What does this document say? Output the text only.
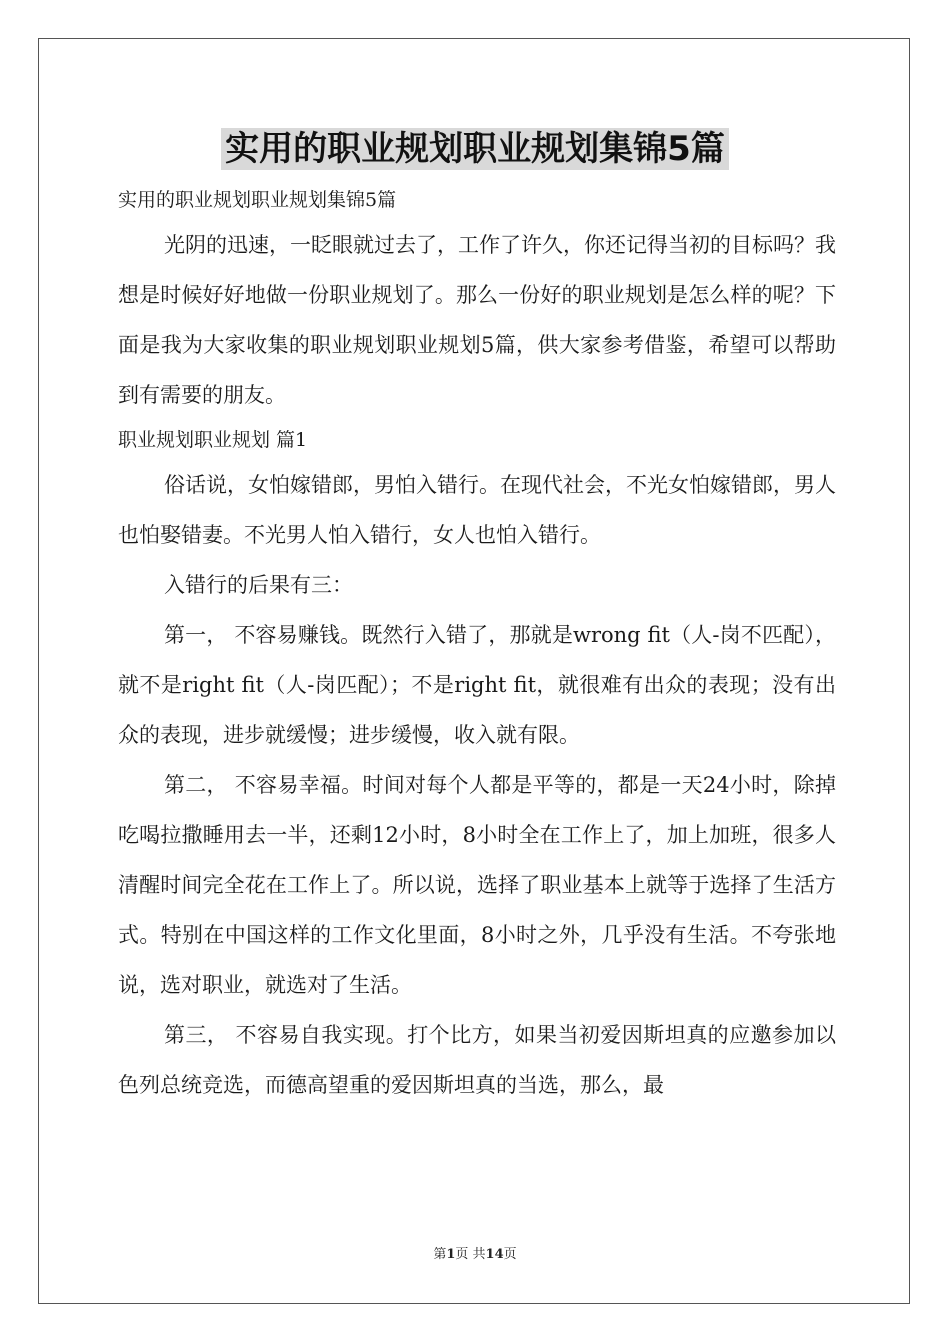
实用的职业规划职业规划集锦5篇

实用的职业规划职业规划集锦5篇

光阴的迅速，一眨眼就过去了，工作了许久，你还记得当初的目标吗？我想是时候好好地做一份职业规划了。那么一份好的职业规划是怎么样的呢？下面是我为大家收集的职业规划职业规划5篇，供大家参考借鉴，希望可以帮助到有需要的朋友。

职业规划职业规划 篇1

俗话说，女怕嫁错郎，男怕入错行。在现代社会，不光女怕嫁错郎，男人也怕娶错妻。不光男人怕入错行，女人也怕入错行。

入错行的后果有三：

第一， 不容易赚钱。既然行入错了，那就是wrong fit（人-岗不匹配），就不是right fit（人-岗匹配）；不是right fit，就很难有出众的表现；没有出众的表现，进步就缓慢；进步缓慢，收入就有限。

第二， 不容易幸福。时间对每个人都是平等的，都是一天24小时，除掉吃喝拉撒睡用去一半，还剩12小时，8小时全在工作上了，加上加班，很多人清醒时间完全花在工作上了。所以说，选择了职业基本上就等于选择了生活方式。特别在中国这样的工作文化里面，8小时之外，几乎没有生活。不夸张地说，选对职业，就选对了生活。

第三， 不容易自我实现。打个比方，如果当初爱因斯坦真的应邀参加以色列总统竞选，而德高望重的爱因斯坦真的当选，那么，最

第1页 共14页
